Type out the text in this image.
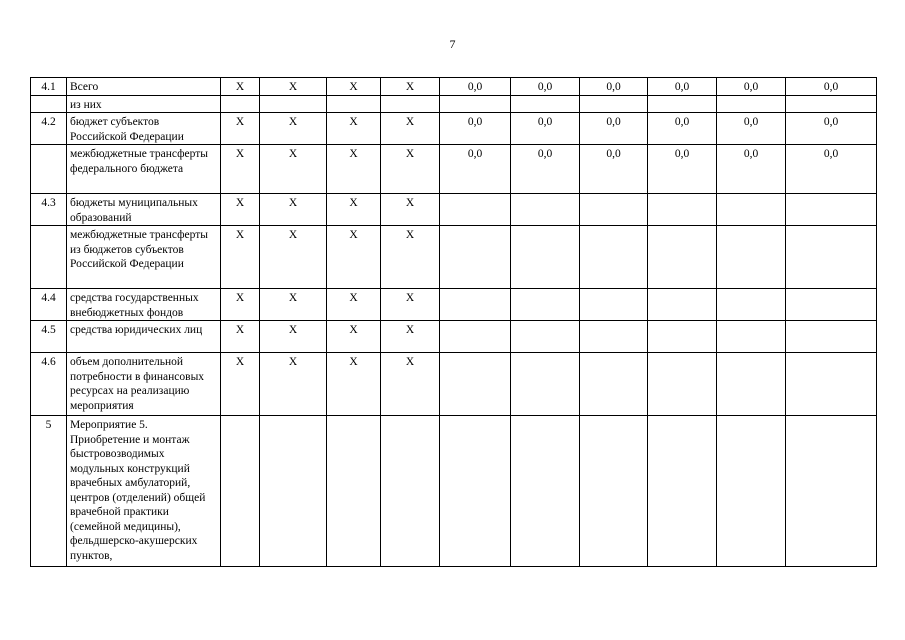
7
4.1	Всего	X	X	X	X	0,0	0,0	0,0	0,0	0,0	0,0
	из них										
4.2	бюджет субъектов Российской Федерации	X	X	X	X	0,0	0,0	0,0	0,0	0,0	0,0
	межбюджетные трансферты федерального бюджета	X	X	X	X	0,0	0,0	0,0	0,0	0,0	0,0
4.3	бюджеты муниципальных образований	X	X	X	X						
	межбюджетные трансферты из бюджетов субъектов Российской Федерации	X	X	X	X						
4.4	средства государственных внебюджетных фондов	X	X	X	X						
4.5	средства юридических лиц	X	X	X	X						
4.6	объем дополнительной потребности в финансовых ресурсах на реализацию мероприятия	X	X	X	X						
5	Мероприятие 5. Приобретение и монтаж быстровозводимых модульных конструкций врачебных амбулаторий, центров (отделений) общей врачебной практики (семейной медицины), фельдшерско-акушерских пунктов,										
